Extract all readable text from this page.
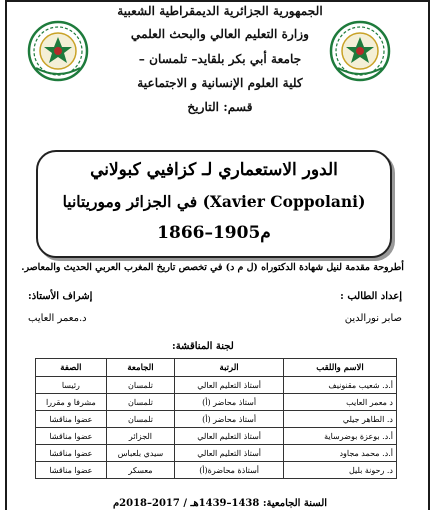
الجمهورية الجزائرية الديمقراطية الشعبية
وزارة التعليم العالي والبحث العلمي
جامعة أبي بكر بلقايد– تلمسان –
كلية العلوم الإنسانية و الاجتماعية
قسم: التاريخ
الدور الاستعماري لـ كزافيي كبولاني
(Xavier Coppolani) في الجزائر وموريتانيا
1866–1905م
أطروحة مقدمة لنيل شهادة الدكتوراه (ل م د) في تخصص تاريخ المغرب العربي الحديث والمعاصر.
إعداد الطالب :
صابر نورالدين
إشراف الأستاذ:
د.معمر العايب
لجنة المناقشة:
الاسم واللقب	الرتبة	الجامعة	الصفة
أ.د. شعيب مقنونيف	أستاذ التعليم العالي	تلمسان	رئيسا
د معمر العايب	أستاذ محاضر (أ)	تلمسان	مشرفا و مقررا
د. الطاهر جيلي	أستاذ محاضر (أ)	تلمسان	عضوا مناقشا
أ.د. بوعزة بوضرساية	أستاذ التعليم العالي	الجزائر	عضوا مناقشا
أ.د. محمد مجاود	أستاذ التعليم العالي	سيدي بلعباس	عضوا مناقشا
د. رحونة بليل	أستاذة محاضرة(أ)	معسكر	عضوا مناقشا
السنة الجامعية: 1438–1439هـ / 2017–2018م
